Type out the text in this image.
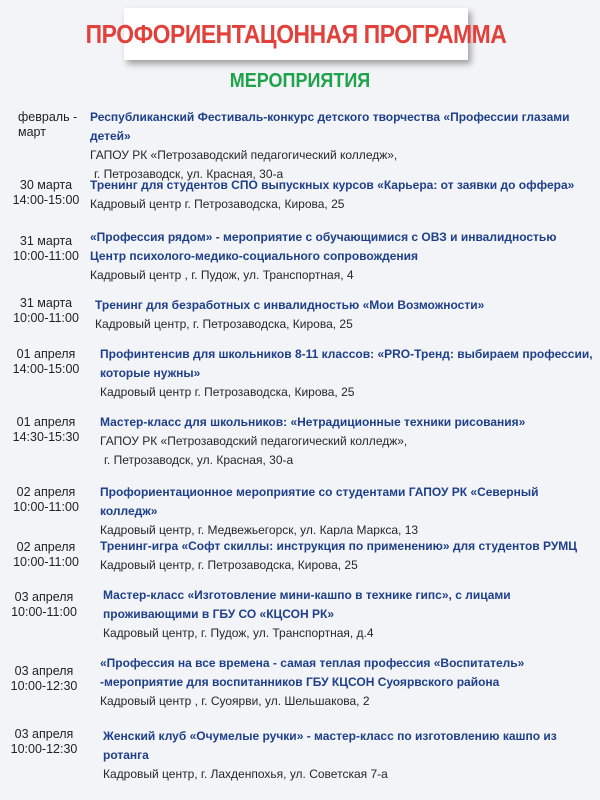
ПРОФОРИЕНТАЦОННАЯ ПРОГРАММА
МЕРОПРИЯТИЯ
февраль -
март
Республиканский Фестиваль-конкурс детского творчества «Профессии глазами детей»
ГАПОУ РК «Петрозаводский педагогический колледж»,
г. Петрозаводск, ул. Красная, 30-а
30 марта
14:00-15:00
Тренинг для студентов СПО выпускных курсов «Карьера: от заявки до оффера»
Кадровый центр г. Петрозаводска, Кирова, 25
31 марта
10:00-11:00
«Профессия рядом» - мероприятие с обучающимися с ОВЗ и инвалидностью
Центр психолого-медико-социального сопровождения
Кадровый центр , г. Пудож, ул. Транспортная, 4
31 марта
10:00-11:00
Тренинг для безработных с инвалидностью «Мои Возможности»
Кадровый центр, г. Петрозаводска, Кирова, 25
01 апреля
14:00-15:00
Профинтенсив для школьников 8-11 классов: «PRO-Тренд: выбираем профессии,
которые нужны»
Кадровый центр г. Петрозаводска, Кирова, 25
01 апреля
14:30-15:30
Мастер-класс для школьников: «Нетрадиционные техники рисования»
ГАПОУ РК «Петрозаводский педагогический колледж»,
г. Петрозаводск, ул. Красная, 30-а
02 апреля
10:00-11:00
Профориентационное мероприятие со студентами ГАПОУ РК «Северный колледж»
Кадровый центр, г. Медвежьегорск, ул. Карла Маркса, 13
02 апреля
10:00-11:00
Тренинг-игра «Софт скиллы: инструкция по применению» для студентов РУМЦ
Кадровый центр, г. Петрозаводска, Кирова, 25
03 апреля
10:00-11:00
Мастер-класс «Изготовление мини-кашпо в технике гипс», с лицами
проживающими в ГБУ СО «КЦСОН РК»
Кадровый центр, г. Пудож, ул. Транспортная, д.4
03 апреля
10:00-12:30
«Профессия на все времена - самая теплая профессия «Воспитатель»
-мероприятие для воспитанников ГБУ КЦСОН Суоярвского района
Кадровый центр , г. Суоярви, ул. Шельшакова, 2
03 апреля
10:00-12:30
Женский клуб «Очумелые ручки» - мастер-класс по изготовлению кашпо из ротанга
Кадровый центр, г. Лахденпохья, ул. Советская 7-а
